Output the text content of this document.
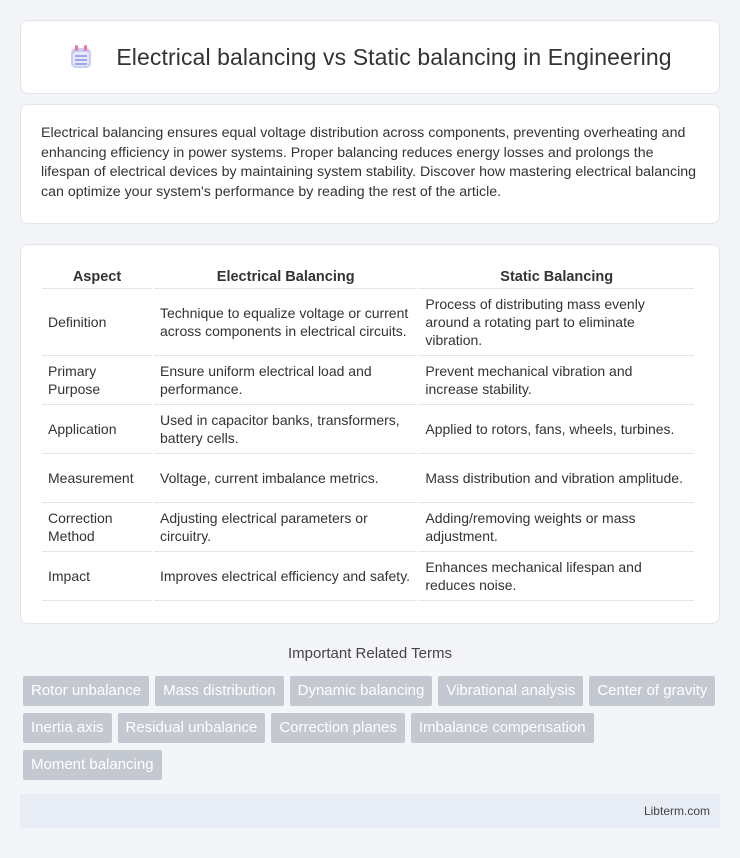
Electrical balancing vs Static balancing in Engineering

Electrical balancing ensures equal voltage distribution across components, preventing overheating and enhancing efficiency in power systems. Proper balancing reduces energy losses and prolongs the lifespan of electrical devices by maintaining system stability. Discover how mastering electrical balancing can optimize your system's performance by reading the rest of the article.

Aspect	Electrical Balancing	Static Balancing
Definition	Technique to equalize voltage or current across components in electrical circuits.	Process of distributing mass evenly around a rotating part to eliminate vibration.
Primary Purpose	Ensure uniform electrical load and performance.	Prevent mechanical vibration and increase stability.
Application	Used in capacitor banks, transformers, battery cells.	Applied to rotors, fans, wheels, turbines.
Measurement	Voltage, current imbalance metrics.	Mass distribution and vibration amplitude.
Correction Method	Adjusting electrical parameters or circuitry.	Adding/removing weights or mass adjustment.
Impact	Improves electrical efficiency and safety.	Enhances mechanical lifespan and reduces noise.
Important Related Terms
Rotor unbalance	Mass distribution	Dynamic balancing	Vibrational analysis	Center of gravity
Inertia axis	Residual unbalance	Correction planes	Imbalance compensation
Moment balancing
Libterm.com
